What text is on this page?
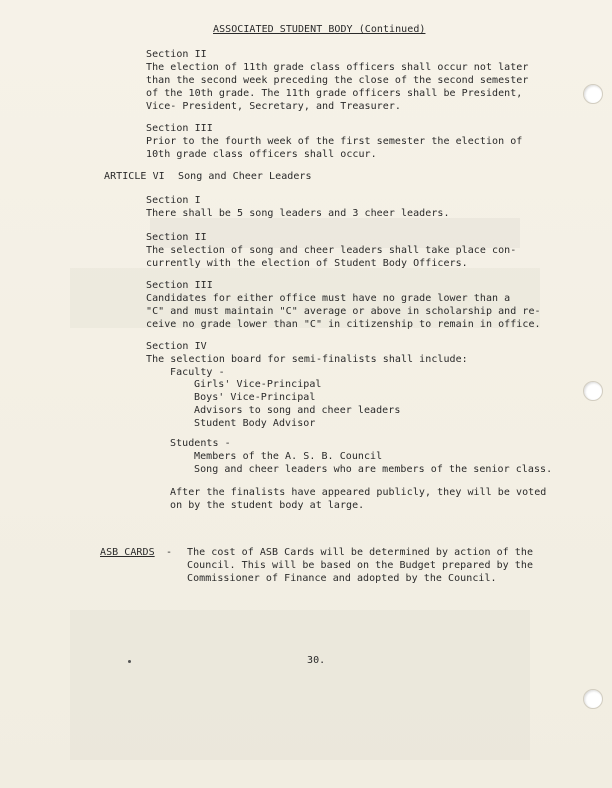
ASSOCIATED STUDENT BODY (Continued)
Section II
The election of 11th grade class officers shall occur not later
than the second week preceding the close of the second semester
of the 10th grade. The 11th grade officers shall be President,
Vice- President, Secretary, and Treasurer.
Section III
Prior to the fourth week of the first semester the election of
10th grade class officers shall occur.
ARTICLE VI Song and Cheer Leaders
Section I
There shall be 5 song leaders and 3 cheer leaders.
Section II
The selection of song and cheer leaders shall take place con-
currently with the election of Student Body Officers.
Section III
Candidates for either office must have no grade lower than a
"C" and must maintain "C" average or above in scholarship and re-
ceive no grade lower than "C" in citizenship to remain in office.
Section IV
The selection board for semi-finalists shall include:
Faculty -
Girls' Vice-Principal
Boys' Vice-Principal
Advisors to song and cheer leaders
Student Body Advisor
Students -
Members of the A. S. B. Council
Song and cheer leaders who are members of the senior class.
After the finalists have appeared publicly, they will be voted
on by the student body at large.
ASB CARDS - The cost of ASB Cards will be determined by action of the
Council. This will be based on the Budget prepared by the
Commissioner of Finance and adopted by the Council.
30.
